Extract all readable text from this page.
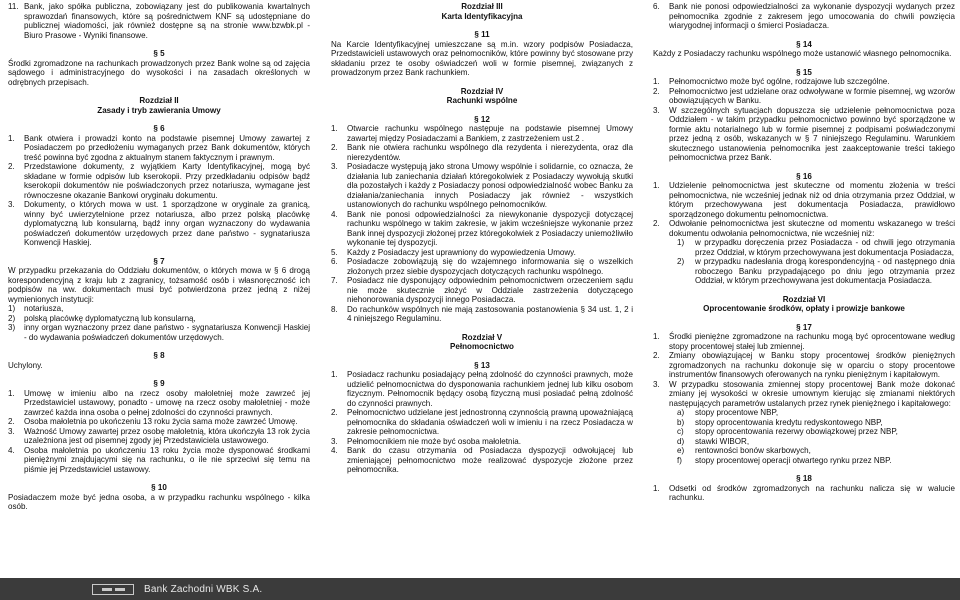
11. Bank, jako spółka publiczna, zobowiązany jest do publikowania kwartalnych sprawozdań finansowych, które są pośrednictwem KNF są udostępniane do publicznej wiadomości, jak również dostępne są na stronie www.bzwbk.pl - Biuro Prasowe - Wyniki finansowe.

§ 5

Środki zgromadzone na rachunkach prowadzonych przez Bank wolne są od zajęcia sądowego i administracyjnego do wysokości i na zasadach określonych w odrębnych przepisach.

Rozdział II

Zasady i tryb zawierania Umowy

§ 6

1.	Bank otwiera i prowadzi konto na podstawie pisemnej Umowy zawartej z Posiadaczem po przedłożeniu wymaganych przez Bank dokumentów, których treść powinna być zgodna z aktualnym stanem faktycznym i prawnym.
2.	Przedstawione dokumenty, z wyjątkiem Karty Identyfikacyjnej, mogą być składane w formie odpisów lub kserokopii. Przy przedkładaniu odpisów bądź kserokopii dokumentów nie poświadczonych przez notariusza, wymagane jest równoczesne okazanie Bankowi oryginału dokumentu.
3.	Dokumenty, o których mowa w ust. 1 sporządzone w oryginale za granicą, winny być uwierzytelnione przez notariusza, albo przez polską placówkę dyplomatyczną lub konsularną, bądź inny organ wyznaczony do wydawania poświadczeń dokumentów urzędowych przez dane państwo - sygnatariusza Konwencji Haskiej.

§ 7

W przypadku przekazania do Oddziału dokumentów, o których mowa w § 6 drogą korespondencyjną z kraju lub z zagranicy, tożsamość osób i własnoręczność ich podpisów na ww. dokumentach musi być potwierdzona przez jedną z niżej wymienionych instytucji:

1)	notariusza,
2)	polską placówkę dyplomatyczną lub konsularną,
3)	inny organ wyznaczony przez dane państwo - sygnatariusza Konwencji Haskiej - do wydawania poświadczeń dokumentów urzędowych.

§ 8

Uchylony.

§ 9

1.	Umowę w imieniu albo na rzecz osoby małoletniej może zawrzeć jej Przedstawiciel ustawowy, ponadto - umowę na rzecz osoby małoletniej - może zawrzeć każda inna osoba o pełnej zdolności do czynności prawnych.
2.	Osoba małoletnia po ukończeniu 13 roku życia sama może zawrzeć Umowę.
3.	Ważność Umowy zawartej przez osobę małoletnią, która ukończyła 13 rok życia uzależniona jest od pisemnej zgody jej Przedstawiciela ustawowego.
4.	Osoba małoletnia po ukończeniu 13 roku życia może dysponować środkami pieniężnymi znajdującymi się na rachunku, o ile nie sprzeciwi się temu na piśmie jej Przedstawiciel ustawowy.

§ 10

Posiadaczem może być jedna osoba, a w przypadku rachunku wspólnego - kilka osób.

Rozdział III

Karta Identyfikacyjna

§ 11

Na Karcie Identyfikacyjnej umieszczane są m.in. wzory podpisów Posiadacza, Przedstawicieli ustawowych oraz pełnomocników, które powinny być stosowane przy składaniu przez te osoby oświadczeń woli w formie pisemnej, związanych z prowadzonym przez Bank rachunkiem.

Rozdział IV

Rachunki wspólne

§ 12

1.	Otwarcie rachunku wspólnego następuje na podstawie pisemnej Umowy zawartej między Posiadaczami a Bankiem, z zastrzeżeniem ust.2 .
2.	Bank nie otwiera rachunku wspólnego dla rezydenta i nierezydenta, oraz dla nierezydentów.
3.	Posiadacze występują jako strona Umowy wspólnie i solidarnie, co oznacza, że działania lub zaniechania działań któregokolwiek z Posiadaczy wywołują skutki dla pozostałych i każdy z Posiadaczy ponosi odpowiedzialność wobec Banku za działania/zaniechania innych Posiadaczy jak również - wszystkich ustanowionych do rachunku wspólnego pełnomocników.
4.	Bank nie ponosi odpowiedzialności za niewykonanie dyspozycji dotyczącej rachunku wspólnego w takim zakresie, w jakim wcześniejsze wykonanie przez Bank innej dyspozycji złożonej przez któregokolwiek z Posiadaczy uniemożliwiło wykonanie tej dyspozycji.
5.	Każdy z Posiadaczy jest uprawniony do wypowiedzenia Umowy.
6.	Posiadacze zobowiązują się do wzajemnego informowania się o wszelkich złożonych przez siebie dyspozycjach dotyczących rachunku wspólnego.
7.	Posiadacz nie dysponujący odpowiednim pełnomocnictwem orzeczeniem sądu nie może skutecznie złożyć w Oddziale zastrzeżenia dotyczącego niehonorowania dyspozycji innego Posiadacza.
8.	Do rachunków wspólnych nie mają zastosowania postanowienia § 34 ust. 1, 2 i 4 niniejszego Regulaminu.

Rozdział V

Pełnomocnictwo

§ 13

1.	Posiadacz rachunku posiadający pełną zdolność do czynności prawnych, może udzielić pełnomocnictwa do dysponowania rachunkiem jednej lub kilku osobom fizycznym. Pełnomocnik będący osobą fizyczną musi posiadać pełną zdolność do czynności prawnych.
2.	Pełnomocnictwo udzielane jest jednostronną czynnością prawną upoważniającą pełnomocnika do składania oświadczeń woli w imieniu i na rzecz Posiadacza w zakresie pełnomocnictwa.
3.	Pełnomocnikiem nie może być osoba małoletnia.
4.	Bank do czasu otrzymania od Posiadacza dyspozycji odwołującej lub zmieniającej pełnomocnictwo może realizować dyspozycje złożone przez pełnomocnika.
6.	Bank nie ponosi odpowiedzialności za wykonanie dyspozycji wydanych przez pełnomocnika zgodnie z zakresem jego umocowania do chwili powzięcia wiarygodnej informacji o śmierci Posiadacza.

§ 14

Każdy z Posiadaczy rachunku wspólnego może ustanowić własnego pełnomocnika.

§ 15

1.	Pełnomocnictwo może być ogólne, rodzajowe lub szczególne.
2.	Pełnomocnictwo jest udzielane oraz odwoływane w formie pisemnej, wg wzorów obowiązujących w Banku.
3.	W szczególnych sytuacjach dopuszcza się udzielenie pełnomocnictwa poza Oddziałem - w takim przypadku pełnomocnictwo powinno być sporządzone w formie aktu notarialnego lub w formie pisemnej z podpisami poświadczonymi przez jedną z osób, wskazanych w § 7 niniejszego Regulaminu. Warunkiem skutecznego ustanowienia pełnomocnika jest zaakceptowanie treści takiego pełnomocnictwa przez Bank.

§ 16

1.	Udzielenie pełnomocnictwa jest skuteczne od momentu złożenia w treści pełnomocnictwa, nie wcześniej jednak niż od dnia otrzymania przez Oddział, w którym przechowywana jest dokumentacja Posiadacza, prawidłowo sporządzonego dokumentu pełnomocnictwa.
2.	Odwołanie pełnomocnictwa jest skuteczne od momentu wskazanego w treści dokumentu odwołania pełnomocnictwa, nie wcześniej niż:
1)	w przypadku doręczenia przez Posiadacza - od chwili jego otrzymania przez Oddział, w którym przechowywana jest dokumentacja Posiadacza,
2)	w przypadku nadesłania drogą korespondencyjną - od następnego dnia roboczego Banku przypadającego po dniu jego otrzymania przez Oddział, w którym przechowywana jest dokumentacja Posiadacza.

Rozdział VI

Oprocentowanie środków, opłaty i prowizje bankowe

§ 17

1.	Środki pieniężne zgromadzone na rachunku mogą być oprocentowane według stopy procentowej stałej lub zmiennej.
2.	Zmiany obowiązującej w Banku stopy procentowej środków pieniężnych zgromadzonych na rachunku dokonuje się w oparciu o stopy procentowe instrumentów finansowych oferowanych na rynku pieniężnym i kapitałowym.
3.	W przypadku stosowania zmiennej stopy procentowej Bank może dokonać zmiany jej wysokości w okresie umownym kierując się zmianami niektórych następujących parametrów ustalanych przez rynek pieniężnego i kapitałowego:
a)	stopy procentowe NBP,
b)	stopy oprocentowania kredytu redyskontowego NBP,
c)	stopy oprocentowania rezerwy obowiązkowej przez NBP,
d)	stawki WIBOR,
e)	rentowności bonów skarbowych,
f)	stopy procentowej operacji otwartego rynku przez NBP.

§ 18

1.	Odsetki od środków zgromadzonych na rachunku nalicza się w walucie rachunku.
Bank Zachodni WBK S.A.
